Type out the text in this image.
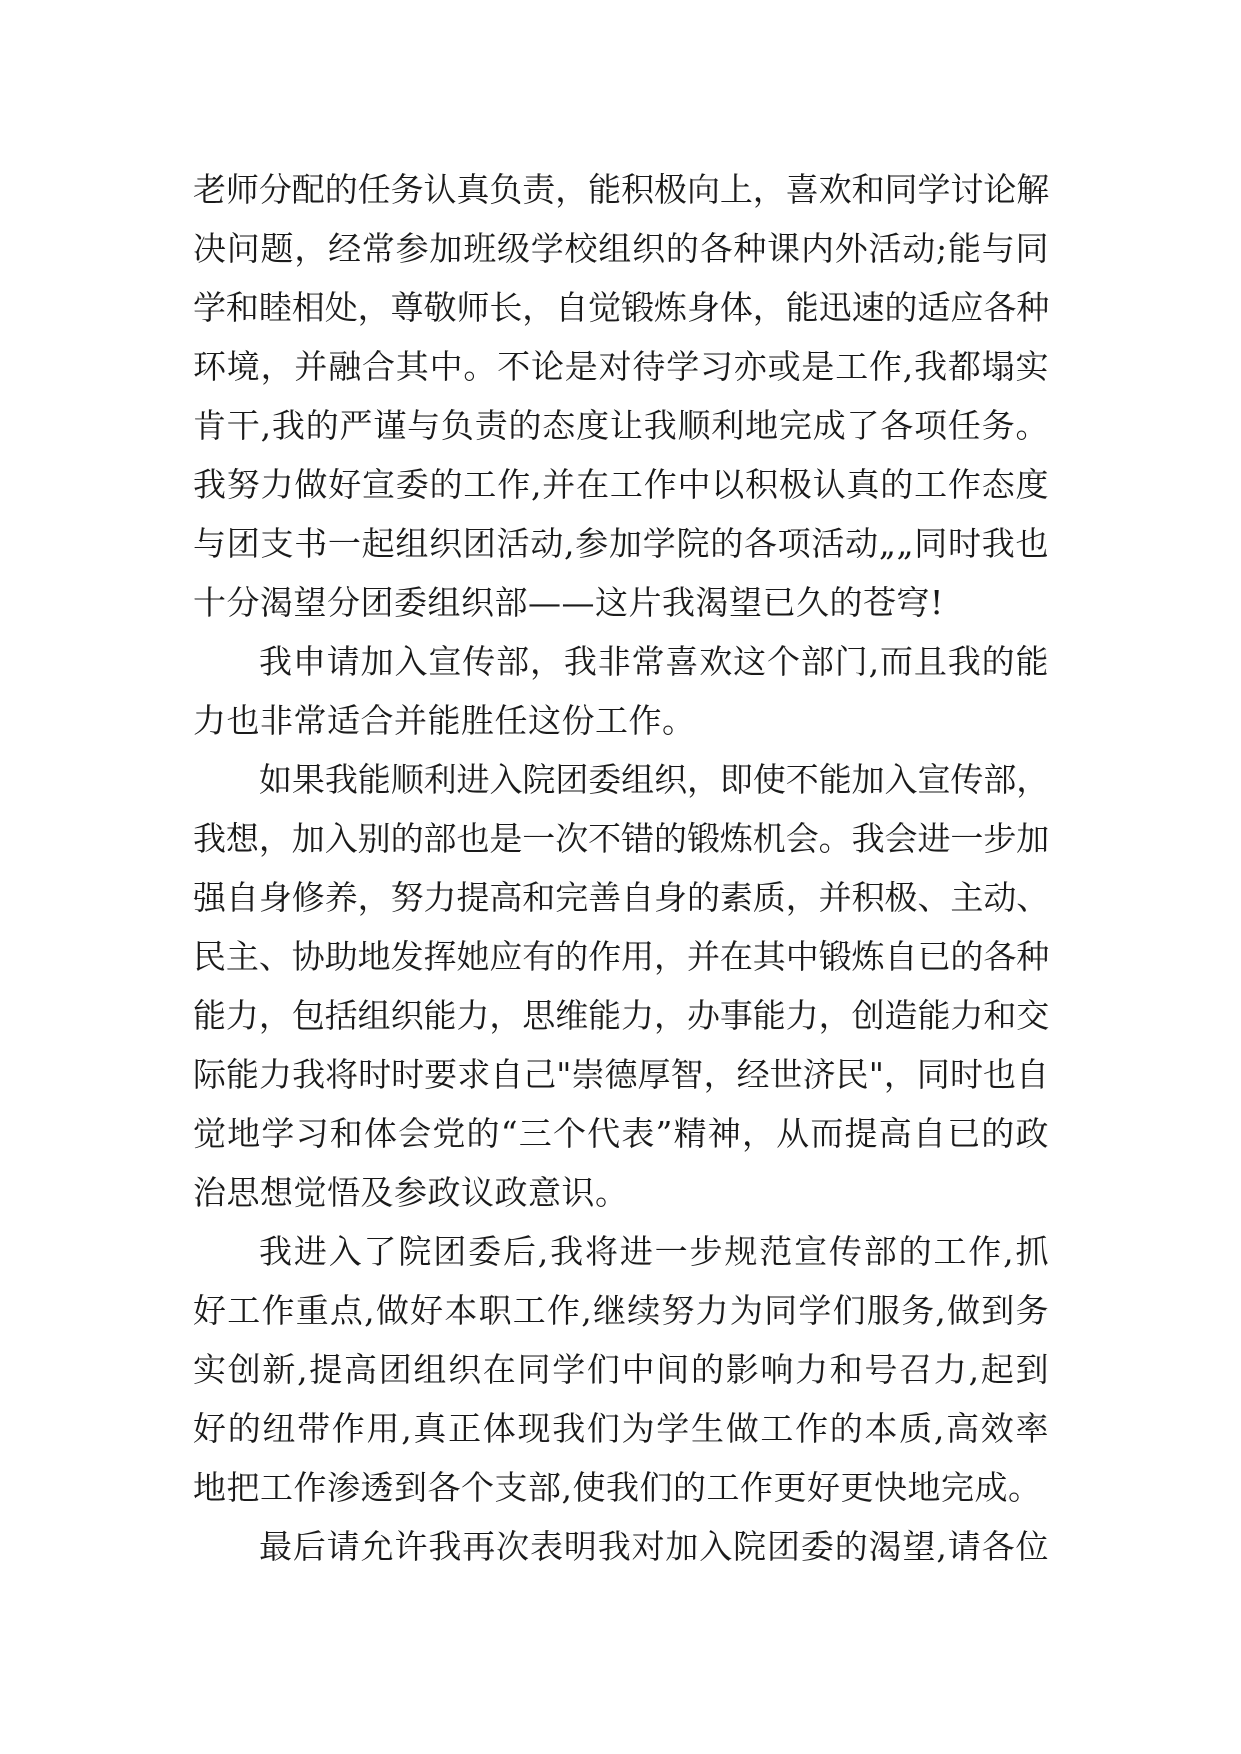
老师分配的任务认真负责，能积极向上，喜欢和同学讨论解
决问题，经常参加班级学校组织的各种课内外活动;能与同
学和睦相处，尊敬师长，自觉锻炼身体，能迅速的适应各种
环境，并融合其中。不论是对待学习亦或是工作,我都塌实
肯干,我的严谨与负责的态度让我顺利地完成了各项任务。
我努力做好宣委的工作,并在工作中以积极认真的工作态度
与团支书一起组织团活动,参加学院的各项活动„„同时我也
十分渴望分团委组织部——这片我渴望已久的苍穹!
我申请加入宣传部，我非常喜欢这个部门,而且我的能
力也非常适合并能胜任这份工作。
如果我能顺利进入院团委组织，即使不能加入宣传部，
我想，加入别的部也是一次不错的锻炼机会。我会进一步加
强自身修养，努力提高和完善自身的素质，并积极、主动、
民主、协助地发挥她应有的作用，并在其中锻炼自已的各种
能力，包括组织能力，思维能力，办事能力，创造能力和交
际能力我将时时要求自己"崇德厚智，经世济民"，同时也自
觉地学习和体会党的“三个代表”精神，从而提高自已的政
治思想觉悟及参政议政意识。
我进入了院团委后,我将进一步规范宣传部的工作,抓
好工作重点,做好本职工作,继续努力为同学们服务,做到务
实创新,提高团组织在同学们中间的影响力和号召力,起到
好的纽带作用,真正体现我们为学生做工作的本质,高效率
地把工作渗透到各个支部,使我们的工作更好更快地完成。
最后请允许我再次表明我对加入院团委的渴望,请各位
